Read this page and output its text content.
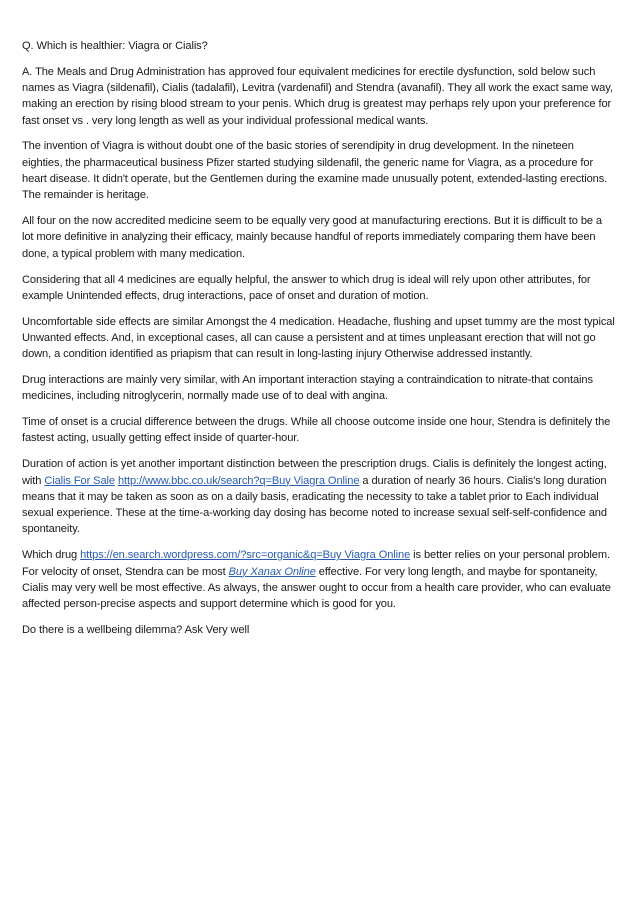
Q. Which is healthier: Viagra or Cialis?

A. The Meals and Drug Administration has approved four equivalent medicines for erectile dysfunction, sold below such names as Viagra (sildenafil), Cialis (tadalafil), Levitra (vardenafil) and Stendra (avanafil). They all work the exact same way, making an erection by rising blood stream to your penis. Which drug is greatest may perhaps rely upon your preference for fast onset vs . very long length as well as your individual professional medical wants.

The invention of Viagra is without doubt one of the basic stories of serendipity in drug development. In the nineteen eighties, the pharmaceutical business Pfizer started studying sildenafil, the generic name for Viagra, as a procedure for heart disease. It didn't operate, but the Gentlemen during the examine made unusually potent, extended-lasting erections. The remainder is heritage.

All four on the now accredited medicine seem to be equally very good at manufacturing erections. But it is difficult to be a lot more definitive in analyzing their efficacy, mainly because handful of reports immediately comparing them have been done, a typical problem with many medication.

Considering that all 4 medicines are equally helpful, the answer to which drug is ideal will rely upon other attributes, for example Unintended effects, drug interactions, pace of onset and duration of motion.

Uncomfortable side effects are similar Amongst the 4 medication. Headache, flushing and upset tummy are the most typical Unwanted effects. And, in exceptional cases, all can cause a persistent and at times unpleasant erection that will not go down, a condition identified as priapism that can result in long-lasting injury Otherwise addressed instantly.

Drug interactions are mainly very similar, with An important interaction staying a contraindication to nitrate-that contains medicines, including nitroglycerin, normally made use of to deal with angina.

Time of onset is a crucial difference between the drugs. While all choose outcome inside one hour, Stendra is definitely the fastest acting, usually getting effect inside of quarter-hour.

Duration of action is yet another important distinction between the prescription drugs. Cialis is definitely the longest acting, with Cialis For Sale http://www.bbc.co.uk/search?q=Buy Viagra Online a duration of nearly 36 hours. Cialis's long duration means that it may be taken as soon as on a daily basis, eradicating the necessity to take a tablet prior to Each individual sexual experience. These at the time-a-working day dosing has become noted to increase sexual self-self-confidence and spontaneity.

Which drug https://en.search.wordpress.com/?src=organic&q=Buy Viagra Online is better relies on your personal problem. For velocity of onset, Stendra can be most Buy Xanax Online effective. For very long length, and maybe for spontaneity, Cialis may very well be most effective. As always, the answer ought to occur from a health care provider, who can evaluate affected person-precise aspects and support determine which is good for you.

Do there is a wellbeing dilemma? Ask Very well
